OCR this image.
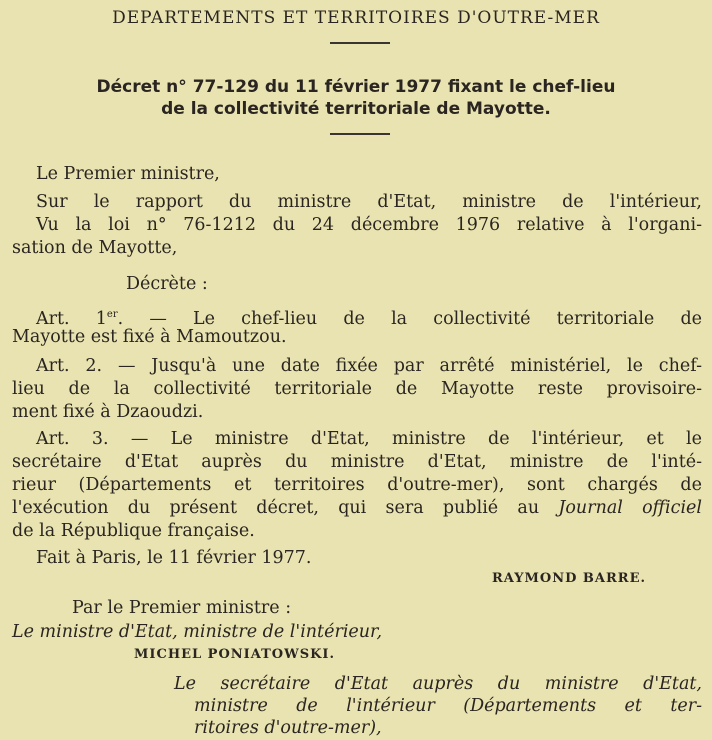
DEPARTEMENTS ET TERRITOIRES D'OUTRE-MER
Décret n° 77-129 du 11 février 1977 fixant le chef-lieu
de la collectivité territoriale de Mayotte.
Le Premier ministre,
Sur le rapport du ministre d'Etat, ministre de l'intérieur,
Vu la loi n° 76-1212 du 24 décembre 1976 relative à l'organi-
sation de Mayotte,
Décrète :
Art. 1er. — Le chef-lieu de la collectivité territoriale de
Mayotte est fixé à Mamoutzou.
Art. 2. — Jusqu'à une date fixée par arrêté ministériel, le chef-
lieu de la collectivité territoriale de Mayotte reste provisoire-
ment fixé à Dzaoudzi.
Art. 3. — Le ministre d'Etat, ministre de l'intérieur, et le
secrétaire d'Etat auprès du ministre d'Etat, ministre de l'inté-
rieur (Départements et territoires d'outre-mer), sont chargés de
l'exécution du présent décret, qui sera publié au Journal officiel
de la République française.
Fait à Paris, le 11 février 1977.
RAYMOND BARRE.
Par le Premier ministre :
Le ministre d'Etat, ministre de l'intérieur,
MICHEL PONIATOWSKI.
Le secrétaire d'Etat auprès du ministre d'Etat,
ministre de l'intérieur (Départements et ter-
ritoires d'outre-mer),
